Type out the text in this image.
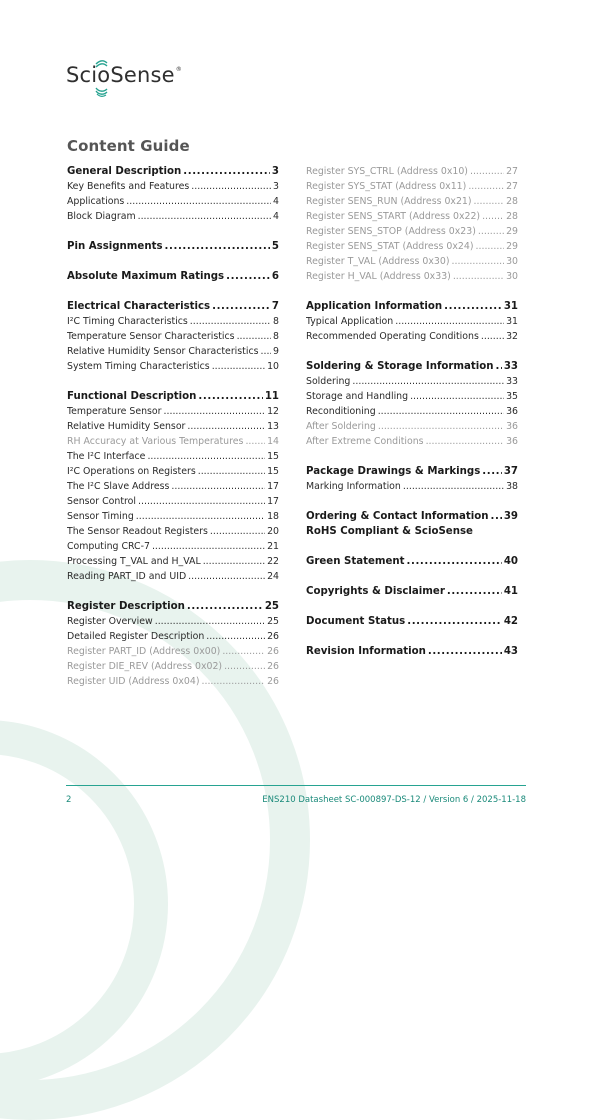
ScioSense ®
Content Guide
General Description .....	3
Key Benefits and Features .....	3
Applications .....	4
Block Diagram .....	4
Pin Assignments .....	5
Absolute Maximum Ratings .....	6
Electrical Characteristics .....	7
I²C Timing Characteristics .....	8
Temperature Sensor Characteristics .....	8
Relative Humidity Sensor Characteristics ..... 9
System Timing Characteristics .....	10
Functional Description .....	11
Temperature Sensor .....	12
Relative Humidity Sensor .....	13
RH Accuracy at Various Temperatures .....	14
The I²C Interface .....	15
I²C Operations on Registers .....	15
The I²C Slave Address .....	17
Sensor Control .....	17
Sensor Timing .....	18
The Sensor Readout Registers .....	20
Computing CRC-7 .....	21
Processing T_VAL and H_VAL .....	22
Reading PART_ID and UID .....	24
Register Description .....	25
Register Overview .....	25
Detailed Register Description .....	26
Register PART_ID (Address 0x00) .....	26
Register DIE_REV (Address 0x02) .....	26
Register UID (Address 0x04) .....	26
Register SYS_CTRL (Address 0x10) .....	27
Register SYS_STAT (Address 0x11) .....	27
Register SENS_RUN (Address 0x21) .....	28
Register SENS_START (Address 0x22) .....	28
Register SENS_STOP (Address 0x23) .....	29
Register SENS_STAT (Address 0x24) .....	29
Register T_VAL (Address 0x30) .....	30
Register H_VAL (Address 0x33) .....	30
Application Information .....	31
Typical Application .....	31
Recommended Operating Conditions .....	32
Soldering & Storage Information ..... 33
Soldering .....	33
Storage and Handling .....	35
Reconditioning .....	36
After Soldering .....	36
After Extreme Conditions .....	36
Package Drawings & Markings ..... 37
Marking Information .....	38
Ordering & Contact Information ..... 39
RoHS Compliant & ScioSense
Green Statement .....	40
Copyrights & Disclaimer .....	41
Document Status .....	42
Revision Information .....	43
2	ENS210 Datasheet SC-000897-DS-12 / Version 6 / 2025-11-18
